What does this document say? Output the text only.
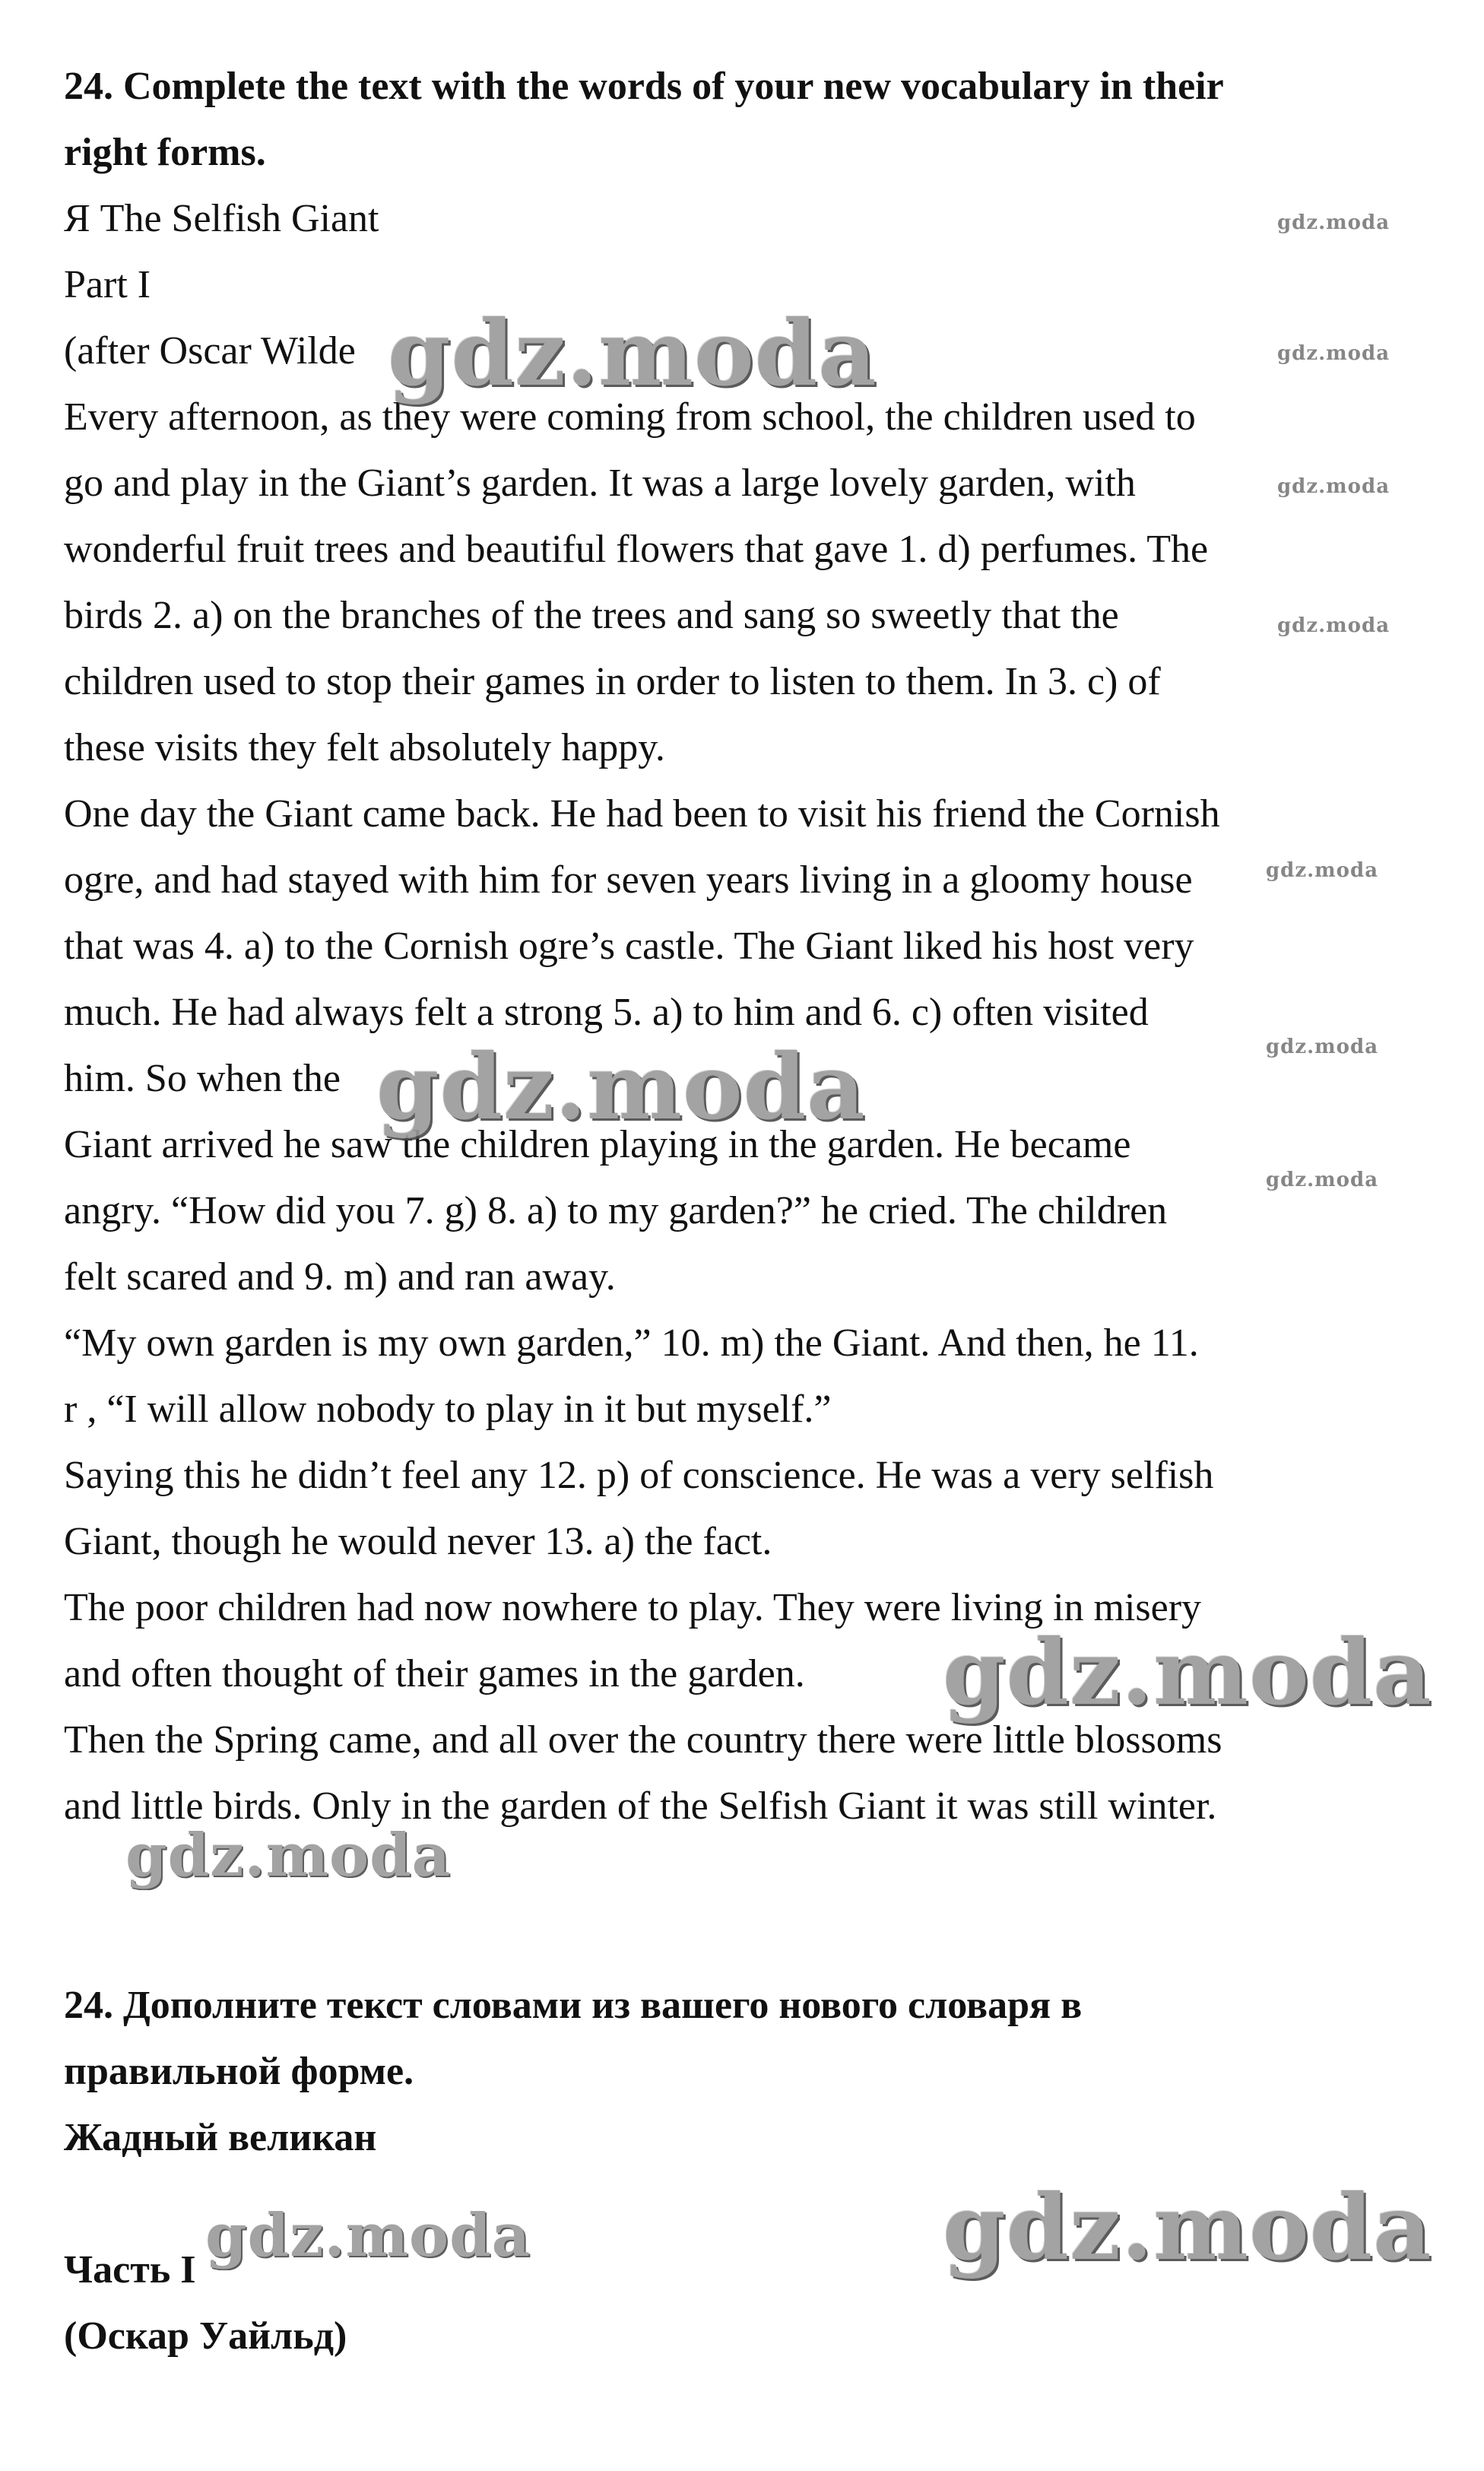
24. Complete the text with the words of your new vocabulary in their

right forms.

Я The Selfish Giant

Part I

(after Oscar Wilde

Every afternoon, as they were coming from school, the children used to

go and play in the Giant’s garden. It was a large lovely garden, with

wonderful fruit trees and beautiful flowers that gave 1. d) perfumes. The

birds 2. a) on the branches of the trees and sang so sweetly that the

children used to stop their games in order to listen to them. In 3. c) of

these visits they felt absolutely happy.

One day the Giant came back. He had been to visit his friend the Cornish

ogre, and had stayed with him for seven years living in a gloomy house

that was 4. a) to the Cornish ogre’s castle. The Giant liked his host very

much. He had always felt a strong 5. a) to him and 6. c) often visited

him. So when the

Giant arrived he saw the children playing in the garden. He became

angry. “How did you 7. g) 8. a) to my garden?” he cried. The children

felt scared and 9. m) and ran away.

“My own garden is my own garden,” 10. m) the Giant. And then, he 11.

r , “I will allow nobody to play in it but myself.”

Saying this he didn’t feel any 12. p) of conscience. He was a very selfish

Giant, though he would never 13. a) the fact.

The poor children had now nowhere to play. They were living in misery

and often thought of their games in the garden.

Then the Spring came, and all over the country there were little blossoms

and little birds. Only in the garden of the Selfish Giant it was still winter.

24. Дополните текст словами из вашего нового словаря в

правильной форме.

Жадный великан

Часть I

(Оскар Уайльд)

gdz.moda
gdz.moda
gdz.moda
gdz.moda
gdz.moda	gdz.moda
gdz.moda
gdz.moda
gdz.moda
gdz.moda
gdz.moda
gdz.moda
gdz.moda
